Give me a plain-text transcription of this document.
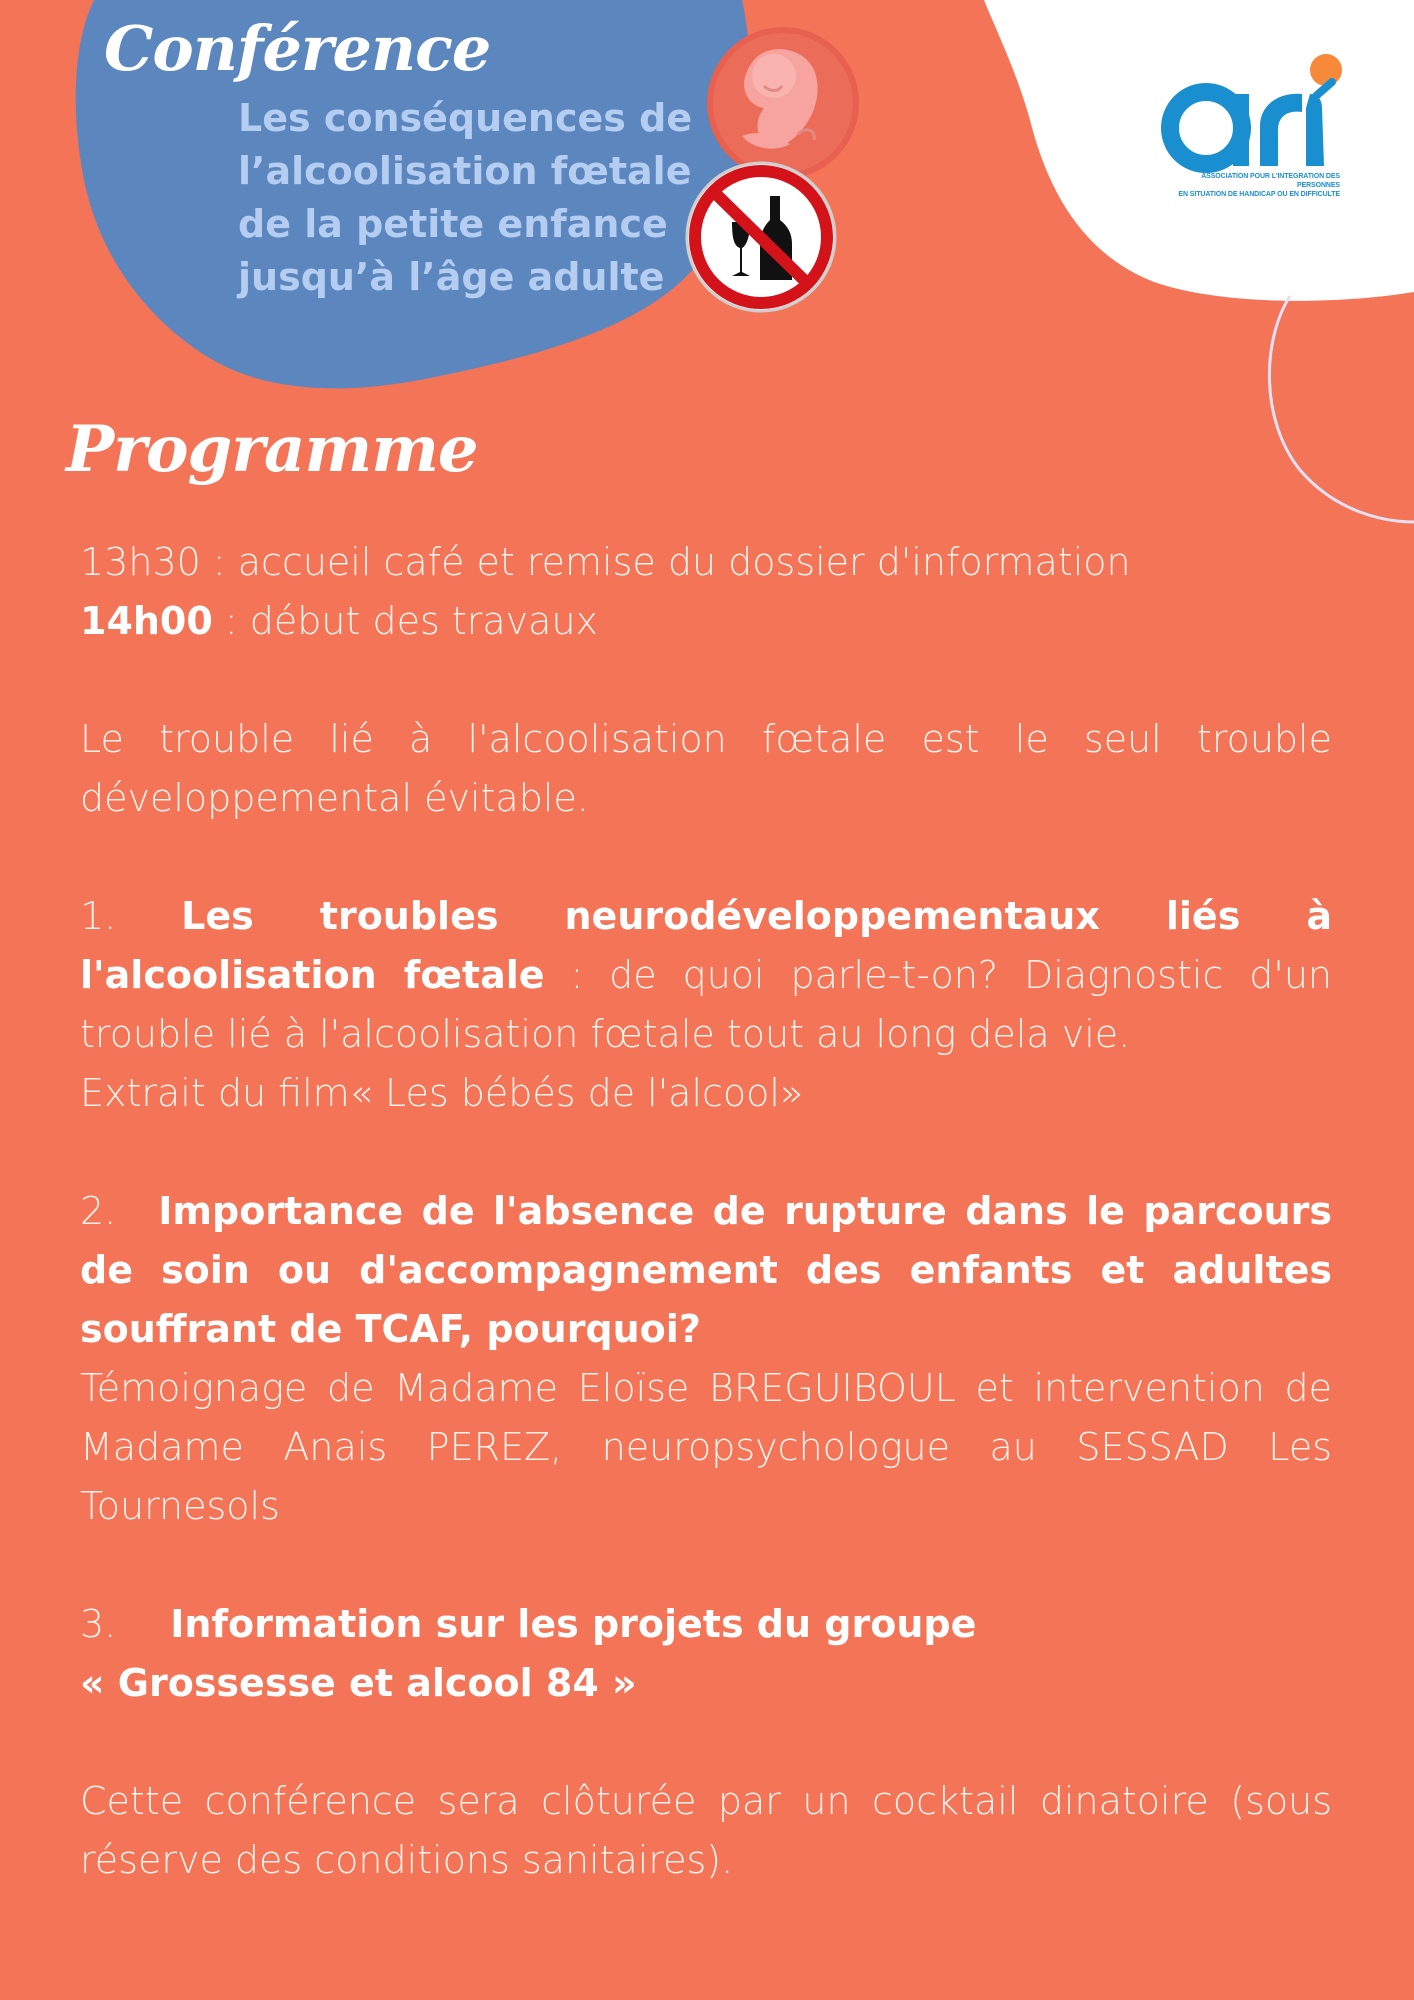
Conférence
Les conséquences de
l’alcoolisation fœtale
de la petite enfance
jusqu’à l’âge adulte
ASSOCIATION POUR L'INTEGRATION DES PERSONNES
EN SITUATION DE HANDICAP OU EN DIFFICULTE
Programme

13h30 : accueil café et remise du dossier d'information

14h00 : début des travaux

Le trouble lié à l'alcoolisation fœtale est le seul trouble développemental évitable.

1. Les troubles neurodéveloppementaux liés à

l'alcoolisation fœtale : de quoi parle-t-on? Diagnostic d'un trouble lié à l'alcoolisation fœtale tout au long dela vie.

Extrait du film« Les bébés de l'alcool»

2. Importance de l'absence de rupture dans le parcours de soin ou d'accompagnement des enfants et adultes souffrant de TCAF, pourquoi?

Témoignage de Madame Eloïse BREGUIBOUL et intervention de Madame Anais PEREZ, neuropsychologue au SESSAD Les Tournesols

3. Information sur les projets du groupe

« Grossesse et alcool 84 »

Cette conférence sera clôturée par un cocktail dinatoire (sous réserve des conditions sanitaires).
